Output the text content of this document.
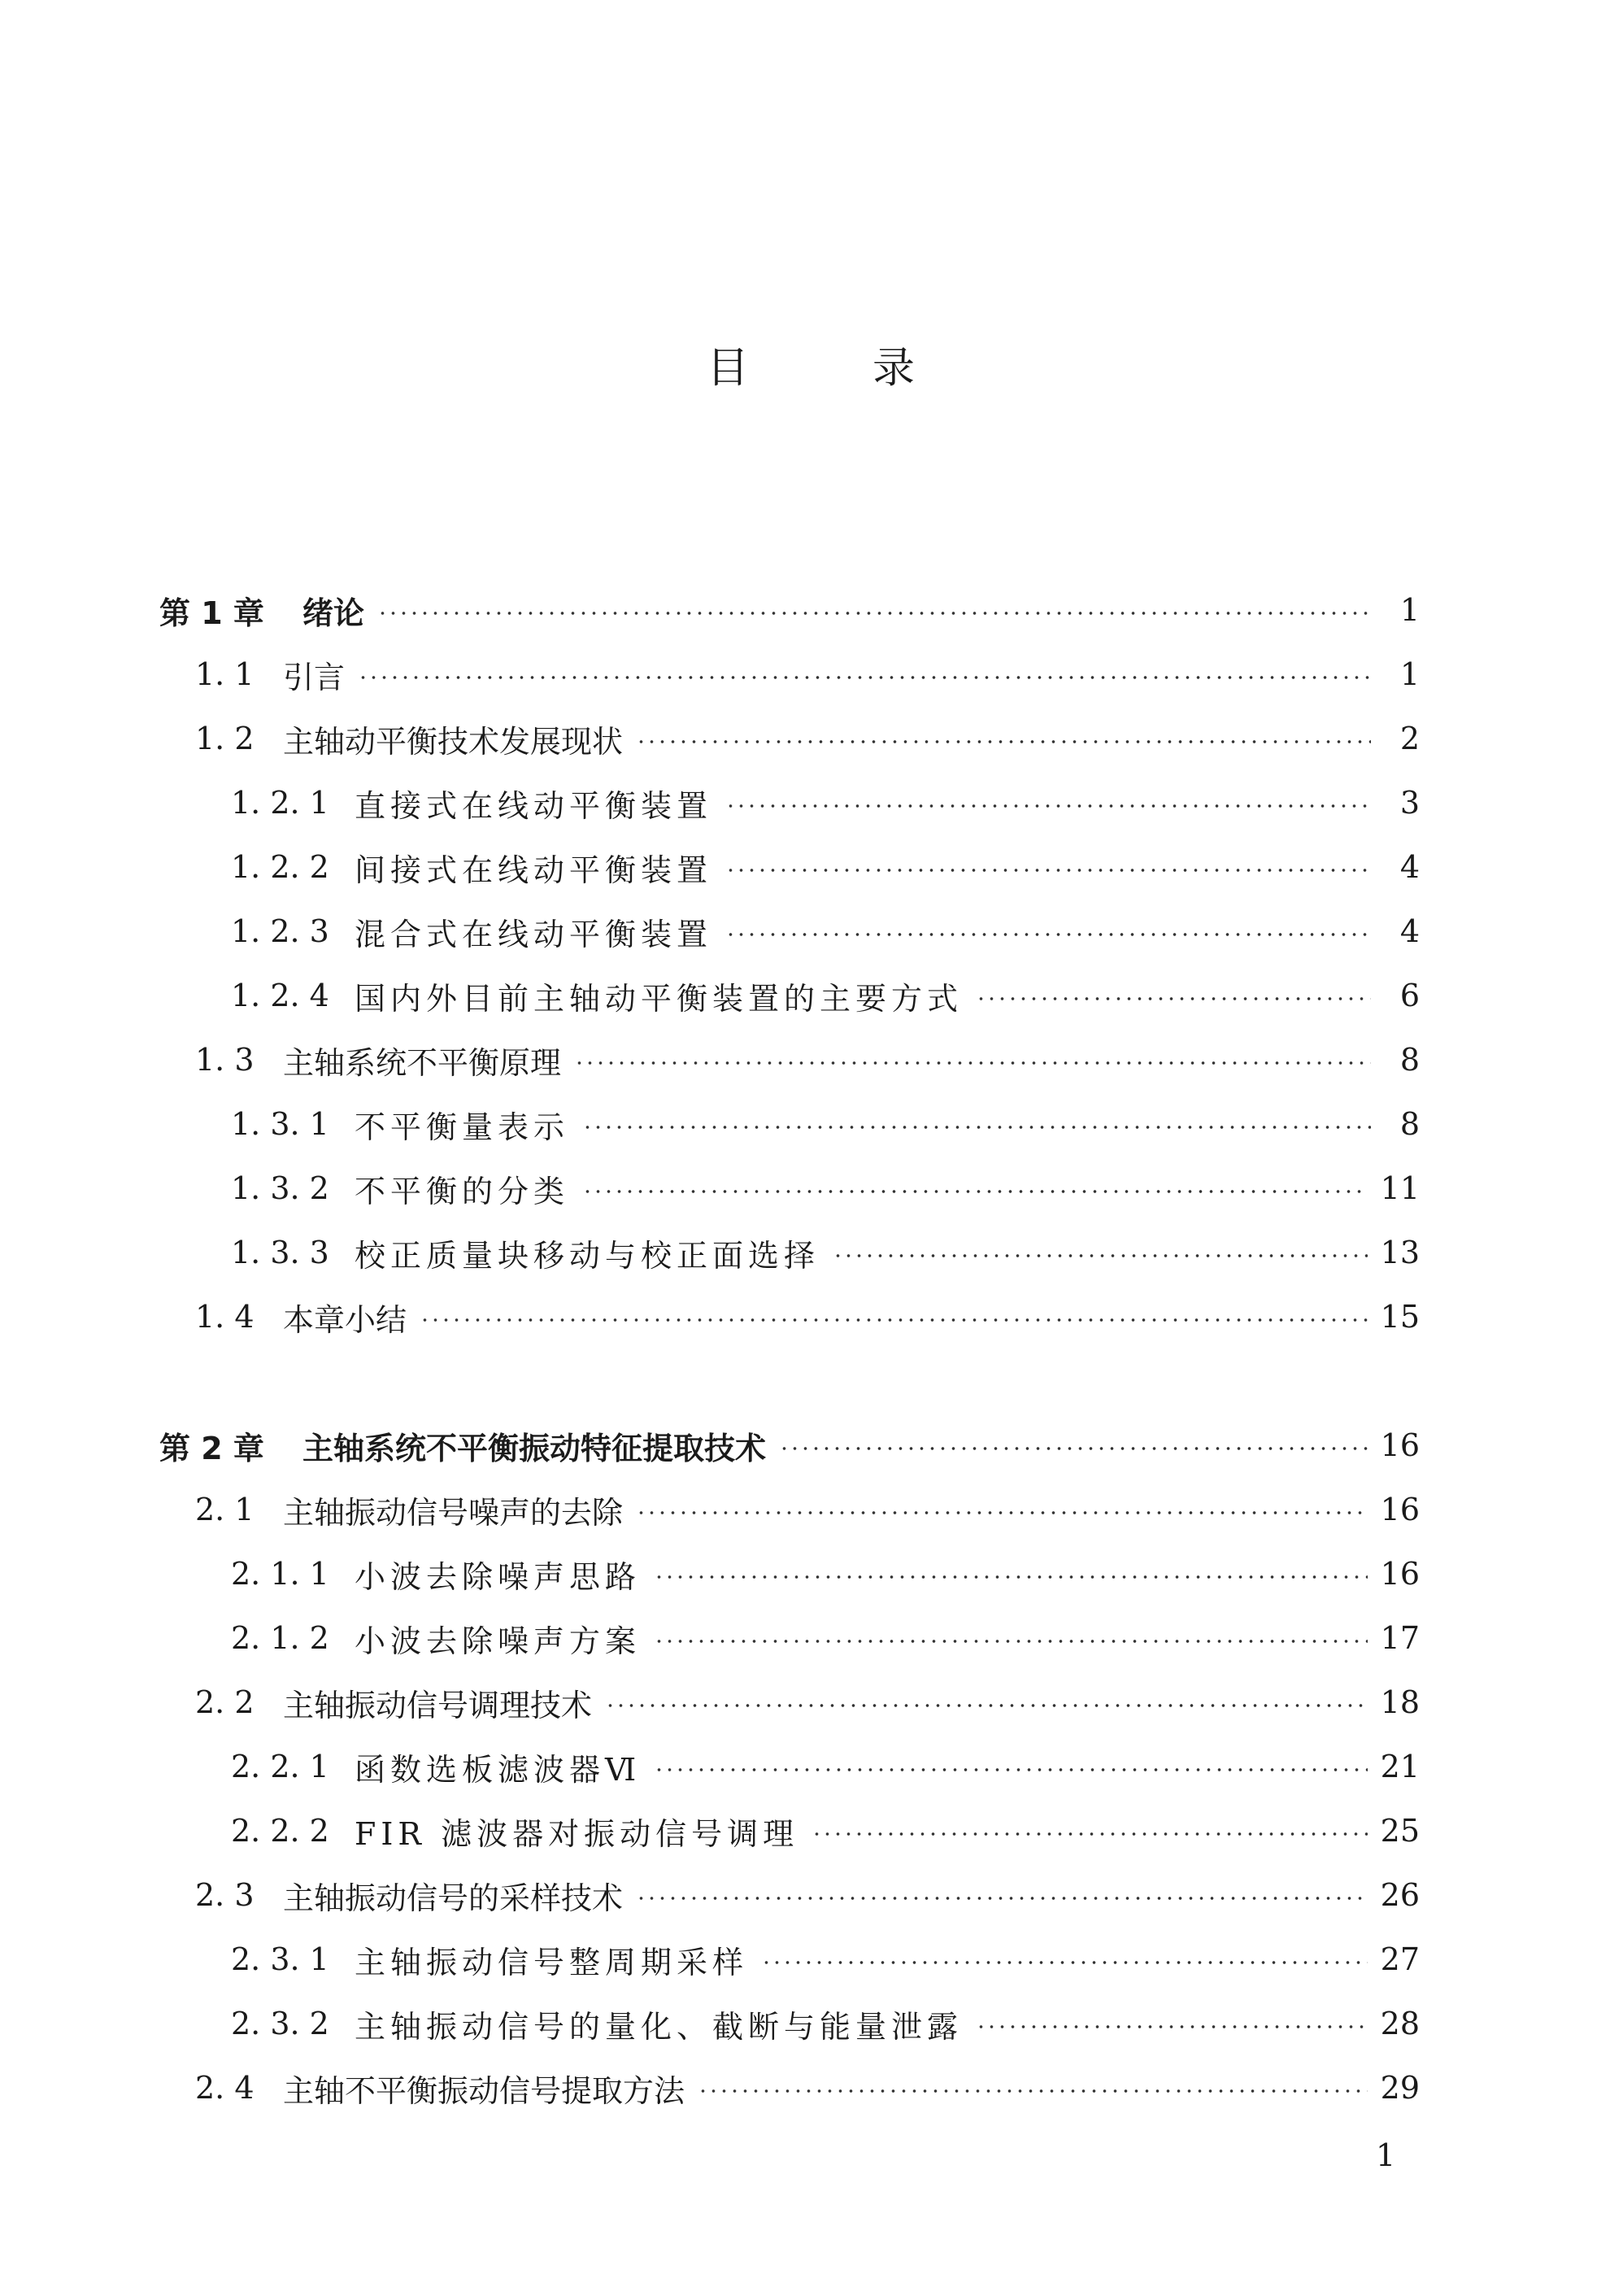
目	录
第 1 章	绪论	1
1. 1 引言	1
1. 2 主轴动平衡技术发展现状	2
1. 2. 1 直接式在线动平衡装置	3
1. 2. 2 间接式在线动平衡装置	4
1. 2. 3 混合式在线动平衡装置	4
1. 2. 4 国内外目前主轴动平衡装置的主要方式	6
1. 3 主轴系统不平衡原理	8
1. 3. 1 不平衡量表示	8
1. 3. 2 不平衡的分类	11
1. 3. 3 校正质量块移动与校正面选择	13
1. 4 本章小结	15
第 2 章	主轴系统不平衡振动特征提取技术	16
2. 1 主轴振动信号噪声的去除	16
2. 1. 1 小波去除噪声思路	16
2. 1. 2 小波去除噪声方案	17
2. 2 主轴振动信号调理技术	18
2. 2. 1 函数选板滤波器Ⅵ	21
2. 2. 2 FIR 滤波器对振动信号调理	25
2. 3 主轴振动信号的采样技术	26
2. 3. 1 主轴振动信号整周期采样	27
2. 3. 2 主轴振动信号的量化、截断与能量泄露	28
2. 4 主轴不平衡振动信号提取方法	29
1
